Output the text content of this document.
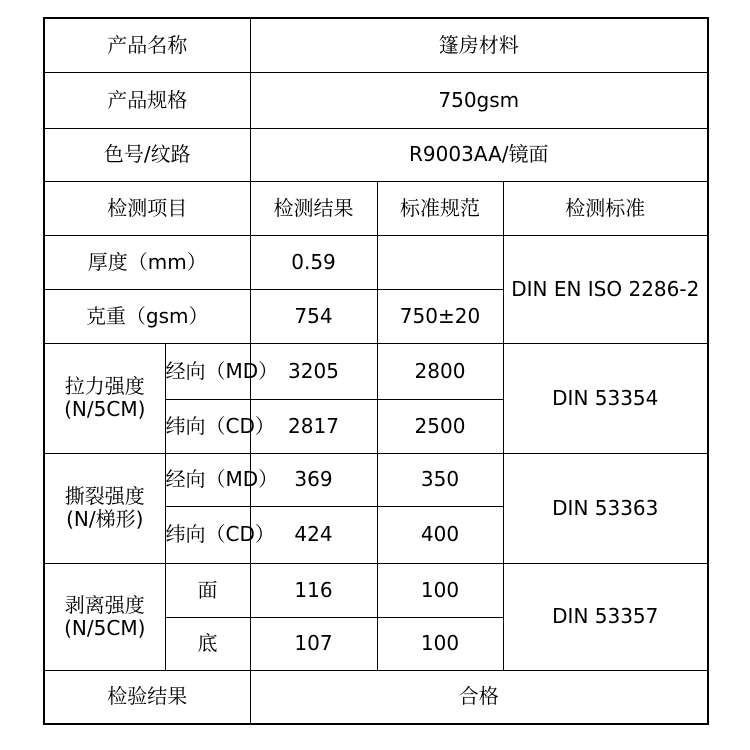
产品名称		篷房材料		
产品规格		750gsm		
色号/纹路		R9003AA/镜面		
检测项目		检测结果	标准规范	检测标准
厚度（mm）		0.59		DIN EN ISO 2286-2
克重（gsm）		754	750±20	

拉力强度
(N/5CM)	经向（MD）	3205	2800	DIN 53354
	纬向（CD）	2817	2500	

撕裂强度
(N/梯形)	经向（MD）	369	350	DIN 53363
	纬向（CD）	424	400	

剥离强度
(N/5CM)	面	116	100	DIN 53357
	底	107	100	
检验结果		合格		
